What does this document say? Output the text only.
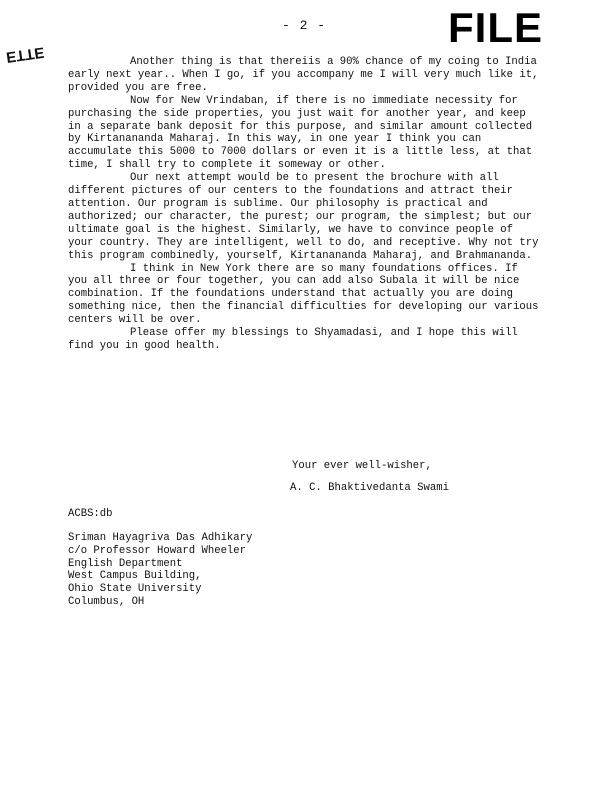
- 2 -	FILE
ƎΤΤƎ	Another thing is that thereiis a 90% chance of my coing to India early next year.. When I go, if you accompany me I will very much like it, provided you are free.

Now for New Vrindaban, if there is no immediate necessity for purchasing the side properties, you just wait for another year, and keep in a separate bank deposit for this purpose, and similar amount collected by Kirtanananda Maharaj. In this way, in one year I think you can accumulate this 5000 to 7000 dollars or even it is a little less, at that time, I shall try to complete it someway or other.

Our next attempt would be to present the brochure with all different pictures of our centers to the foundations and attract their attention. Our program is sublime. Our philosophy is practical and authorized; our character, the purest; our program, the simplest; but our ultimate goal is the highest. Similarly, we have to convince people of your country. They are intelligent, well to do, and receptive. Why not try this program combinedly, yourself, Kirtanananda Maharaj, and Brahmananda.

I think in New York there are so many foundations offices. If you all three or four together, you can add also Subala it will be nice combination. If the foundations understand that actually you are doing something nice, then the financial difficulties for developing our various centers will be over.

Please offer my blessings to Shyamadasi, and I hope this will find you in good health.

Your ever well-wisher,
A. C. Bhaktivedanta Swami
ACBS:db
Sriman Hayagriva Das Adhikary
c/o Professor Howard Wheeler
English Department
West Campus Building,
Ohio State University
Columbus, OH
